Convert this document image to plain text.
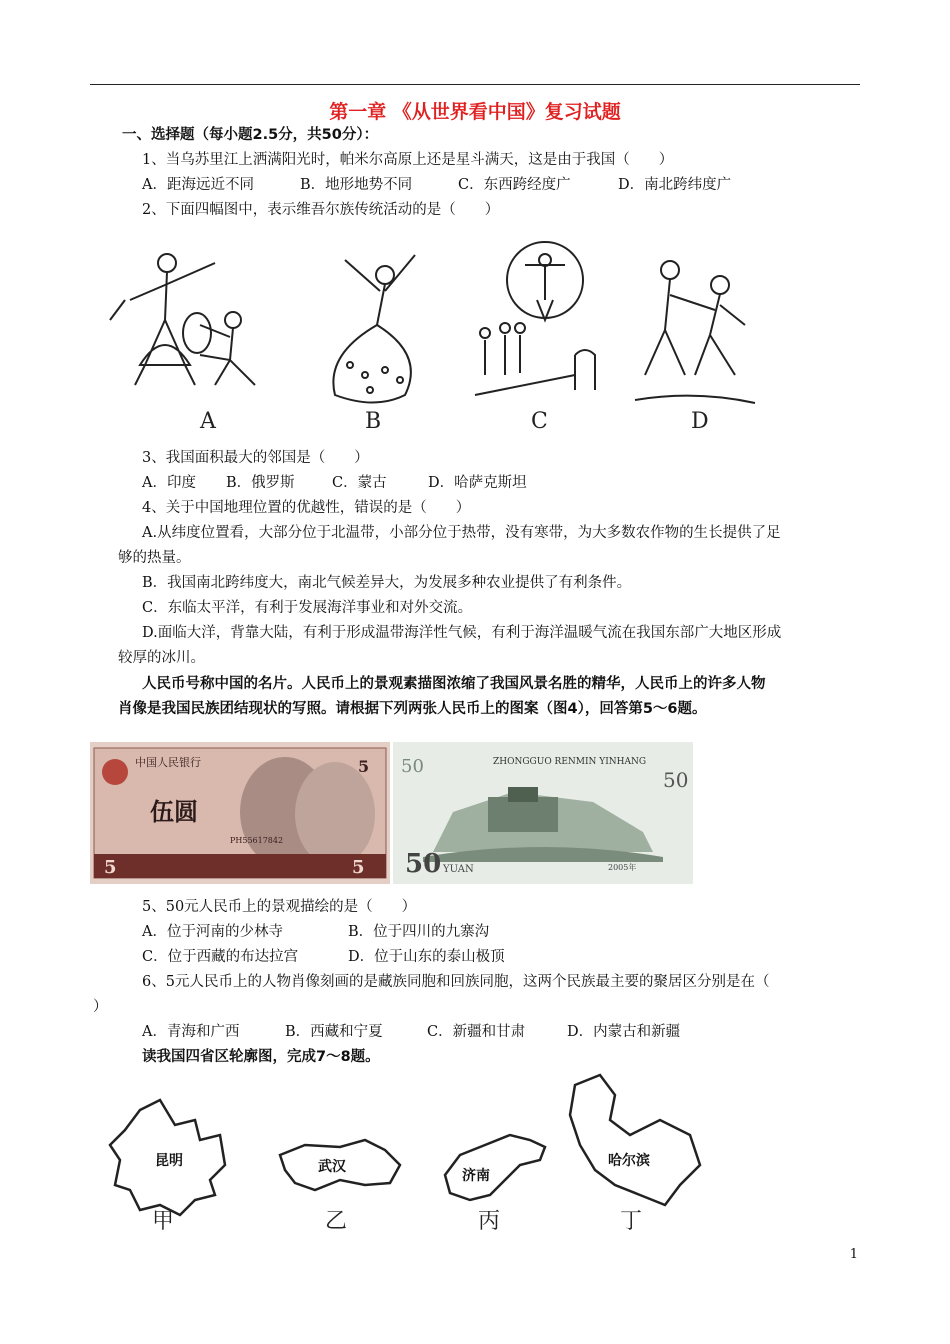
第一章 《从世界看中国》复习试题
一、选择题（每小题2.5分，共50分）：
1、当乌苏里江上洒满阳光时，帕米尔高原上还是星斗满天，这是由于我国（　　）
A．距海远近不同	B．地形地势不同	C．东西跨经度广	D．南北跨纬度广
2、下面四幅图中，表示维吾尔族传统活动的是（　　）
A	B	C	D
3、我国面积最大的邻国是（　　）
A．印度 B．俄罗斯	C．蒙古	D．哈萨克斯坦
4、关于中国地理位置的优越性，错误的是（　　）
A.从纬度位置看，大部分位于北温带，小部分位于热带，没有寒带，为大多数农作物的生长提供了足
够的热量。
B．我国南北跨纬度大，南北气候差异大，为发展多种农业提供了有利条件。
C．东临太平洋，有利于发展海洋事业和对外交流。
D.面临大洋，背靠大陆，有利于形成温带海洋性气候，有利于海洋温暖气流在我国东部广大地区形成
较厚的冰川。
人民币号称中国的名片。人民币上的景观素描图浓缩了我国风景名胜的精华，人民币上的许多人物
肖像是我国民族团结现状的写照。请根据下列两张人民币上的图案（图4），回答第5～6题。
中国人民银行	5
伍圆
5
PH55617842
5
ZHONGGUO RENMIN YINHANG
50
50
50 YUAN	2005年
5、50元人民币上的景观描绘的是（　　）
A．位于河南的少林寺	B．位于四川的九寨沟
C．位于西藏的布达拉宫	D．位于山东的泰山极顶
6、5元人民币上的人物肖像刻画的是藏族同胞和回族同胞，这两个民族最主要的聚居区分别是在（
）
A．青海和广西	B．西藏和宁夏	C．新疆和甘肃	D．内蒙古和新疆
读我国四省区轮廓图，完成7～8题。
昆明	武汉
济南
哈尔滨
甲	乙	丙	丁
1
